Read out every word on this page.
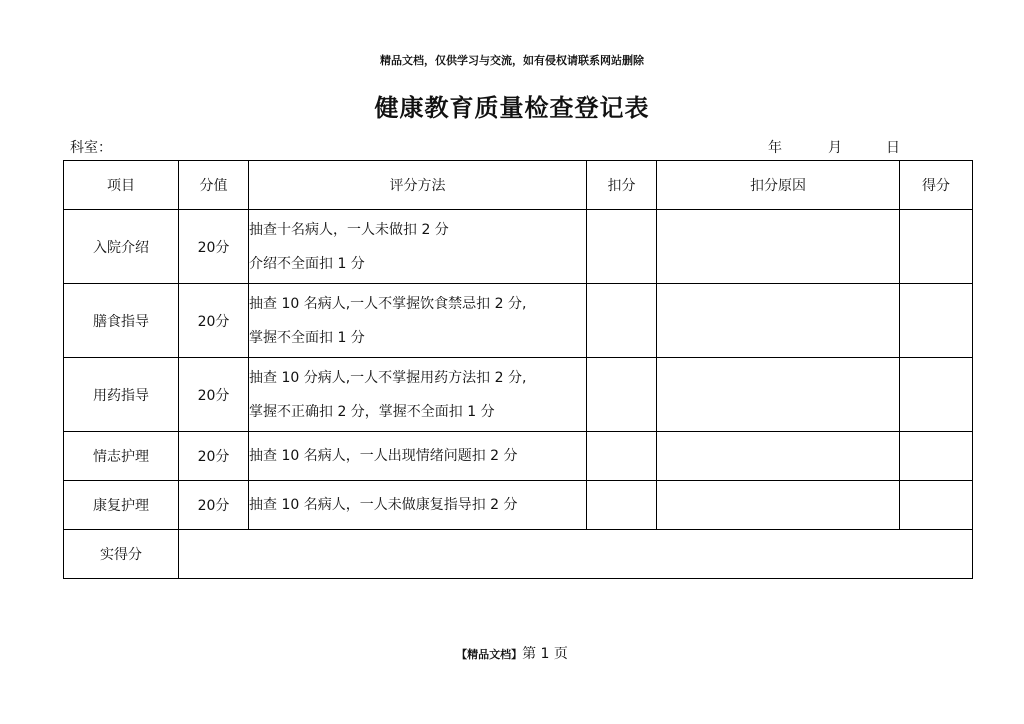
精品文档，仅供学习与交流，如有侵权请联系网站删除
健康教育质量检查登记表
科室：	年	月	日
项目	分值	评分方法	扣分	扣分原因	得分
入院介绍	20分	抽查十名病人，一人未做扣 2 分
介绍不全面扣 1 分			

膳食指导	20分	抽查 10 名病人,一人不掌握饮食禁忌扣 2 分,
掌握不全面扣 1 分			

用药指导	20分	抽查 10 分病人,一人不掌握用药方法扣 2 分,
掌握不正确扣 2 分，掌握不全面扣 1 分			

情志护理	20分	抽查 10 名病人，一人出现情绪问题扣 2 分			
康复护理	20分	抽查 10 名病人，一人未做康复指导扣 2 分			
实得分					
【精品文档】第 1 页
